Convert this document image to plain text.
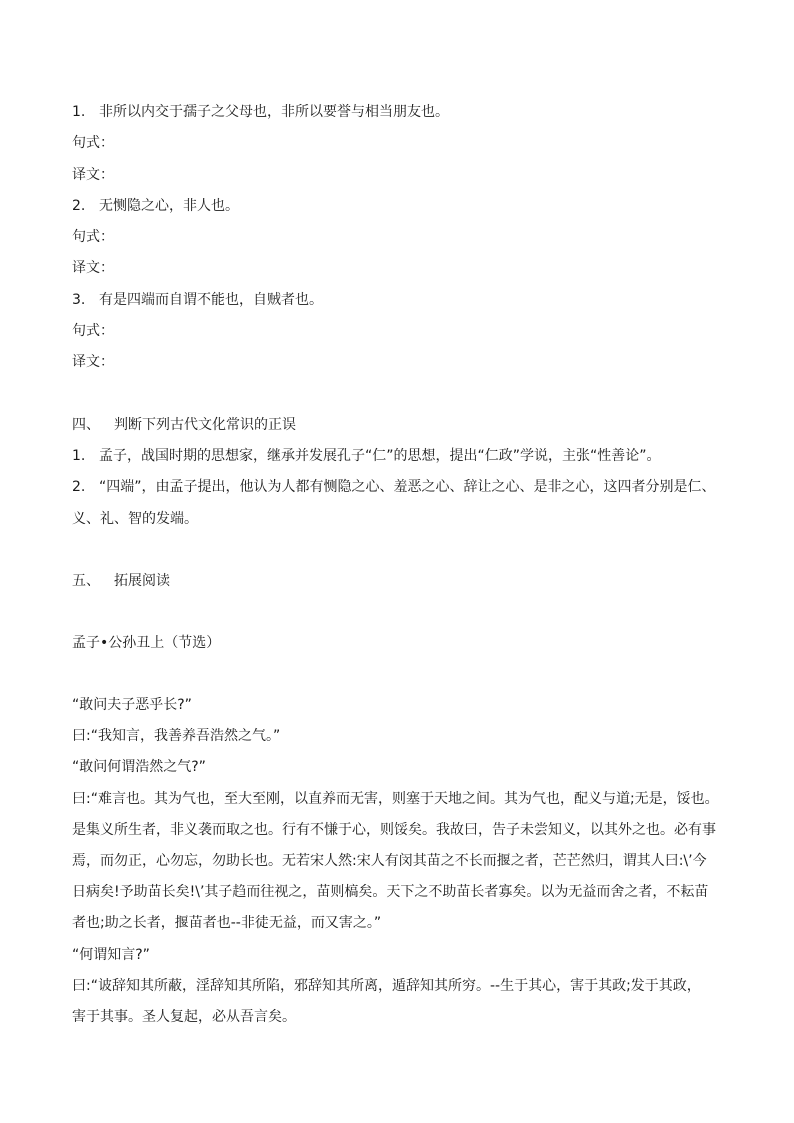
1. 非所以内交于孺子之父母也，非所以要誉与相当朋友也。
句式：
译文：
2. 无恻隐之心，非人也。
句式：
译文：
3. 有是四端而自谓不能也，自贼者也。
句式：
译文：
四、 判断下列古代文化常识的正误
1. 孟子，战国时期的思想家，继承并发展孔子“仁”的思想，提出“仁政”学说，主张“性善论”。
2. “四端”，由孟子提出，他认为人都有恻隐之心、羞恶之心、辞让之心、是非之心，这四者分别是仁、
义、礼、智的发端。
五、 拓展阅读
孟子•公孙丑上（节选）
“敢问夫子恶乎长?”
曰:“我知言，我善养吾浩然之气。”
“敢问何谓浩然之气?”
曰:“难言也。其为气也，至大至刚，以直养而无害，则塞于天地之间。其为气也，配义与道;无是，馁也。
是集义所生者，非义袭而取之也。行有不慊于心，则馁矣。我故曰，告子未尝知义，以其外之也。必有事
焉，而勿正，心勿忘，勿助长也。无若宋人然:宋人有闵其苗之不长而揠之者，芒芒然归，谓其人曰:\’今
日病矣!予助苗长矣!\’其子趋而往视之，苗则槁矣。天下之不助苗长者寡矣。以为无益而舍之者，不耘苗
者也;助之长者，揠苗者也--非徒无益，而又害之。”
“何谓知言?”
曰:“诐辞知其所蔽，淫辞知其所陷，邪辞知其所离，遁辞知其所穷。--生于其心，害于其政;发于其政，
害于其事。圣人复起，必从吾言矣。
